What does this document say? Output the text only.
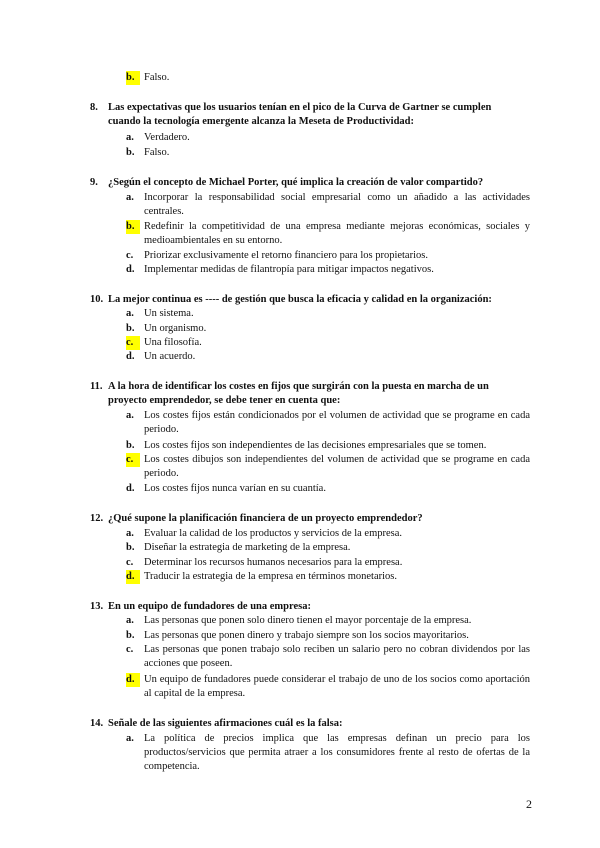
b. Falso.
8. Las expectativas que los usuarios tenían en el pico de la Curva de Gartner se cumplen
cuando la tecnología emergente alcanza la Meseta de Productividad:
a. Verdadero.
b. Falso.
9. ¿Según el concepto de Michael Porter, qué implica la creación de valor compartido?
a. Incorporar la responsabilidad social empresarial como un añadido a las actividades centrales.
b. Redefinir la competitividad de una empresa mediante mejoras económicas, sociales y medioambientales en su entorno.
c.	Priorizar exclusivamente el retorno financiero para los propietarios.
d. Implementar medidas de filantropía para mitigar impactos negativos.
10. La mejor continua es ---- de gestión que busca la eficacia y calidad en la organización:
a. Un sistema.
b. Un organismo.
c.	Una filosofía.
d. Un acuerdo.
11. A la hora de identificar los costes en fijos que surgirán con la puesta en marcha de un
proyecto emprendedor, se debe tener en cuenta que:
a. Los costes fijos están condicionados por el volumen de actividad que se programe en cada periodo.
b. Los costes fijos son independientes de las decisiones empresariales que se tomen.
c.	Los costes dibujos son independientes del volumen de actividad que se programe en cada periodo.
d. Los costes fijos nunca varían en su cuantía.
12. ¿Qué supone la planificación financiera de un proyecto emprendedor?
a. Evaluar la calidad de los productos y servicios de la empresa.
b. Diseñar la estrategia de marketing de la empresa.
c.	Determinar los recursos humanos necesarios para la empresa.
d. Traducir la estrategia de la empresa en términos monetarios.
13. En un equipo de fundadores de una empresa:
a. Las personas que ponen solo dinero tienen el mayor porcentaje de la empresa.
b. Las personas que ponen dinero y trabajo siempre son los socios mayoritarios.
c.	Las personas que ponen trabajo solo reciben un salario pero no cobran dividendos por las acciones que poseen.
d. Un equipo de fundadores puede considerar el trabajo de uno de los socios como aportación al capital de la empresa.
14. Señale de las siguientes afirmaciones cuál es la falsa:
a. La política de precios implica que las empresas definan un precio para los productos/servicios que permita atraer a los consumidores frente al resto de ofertas de la competencia.
2
